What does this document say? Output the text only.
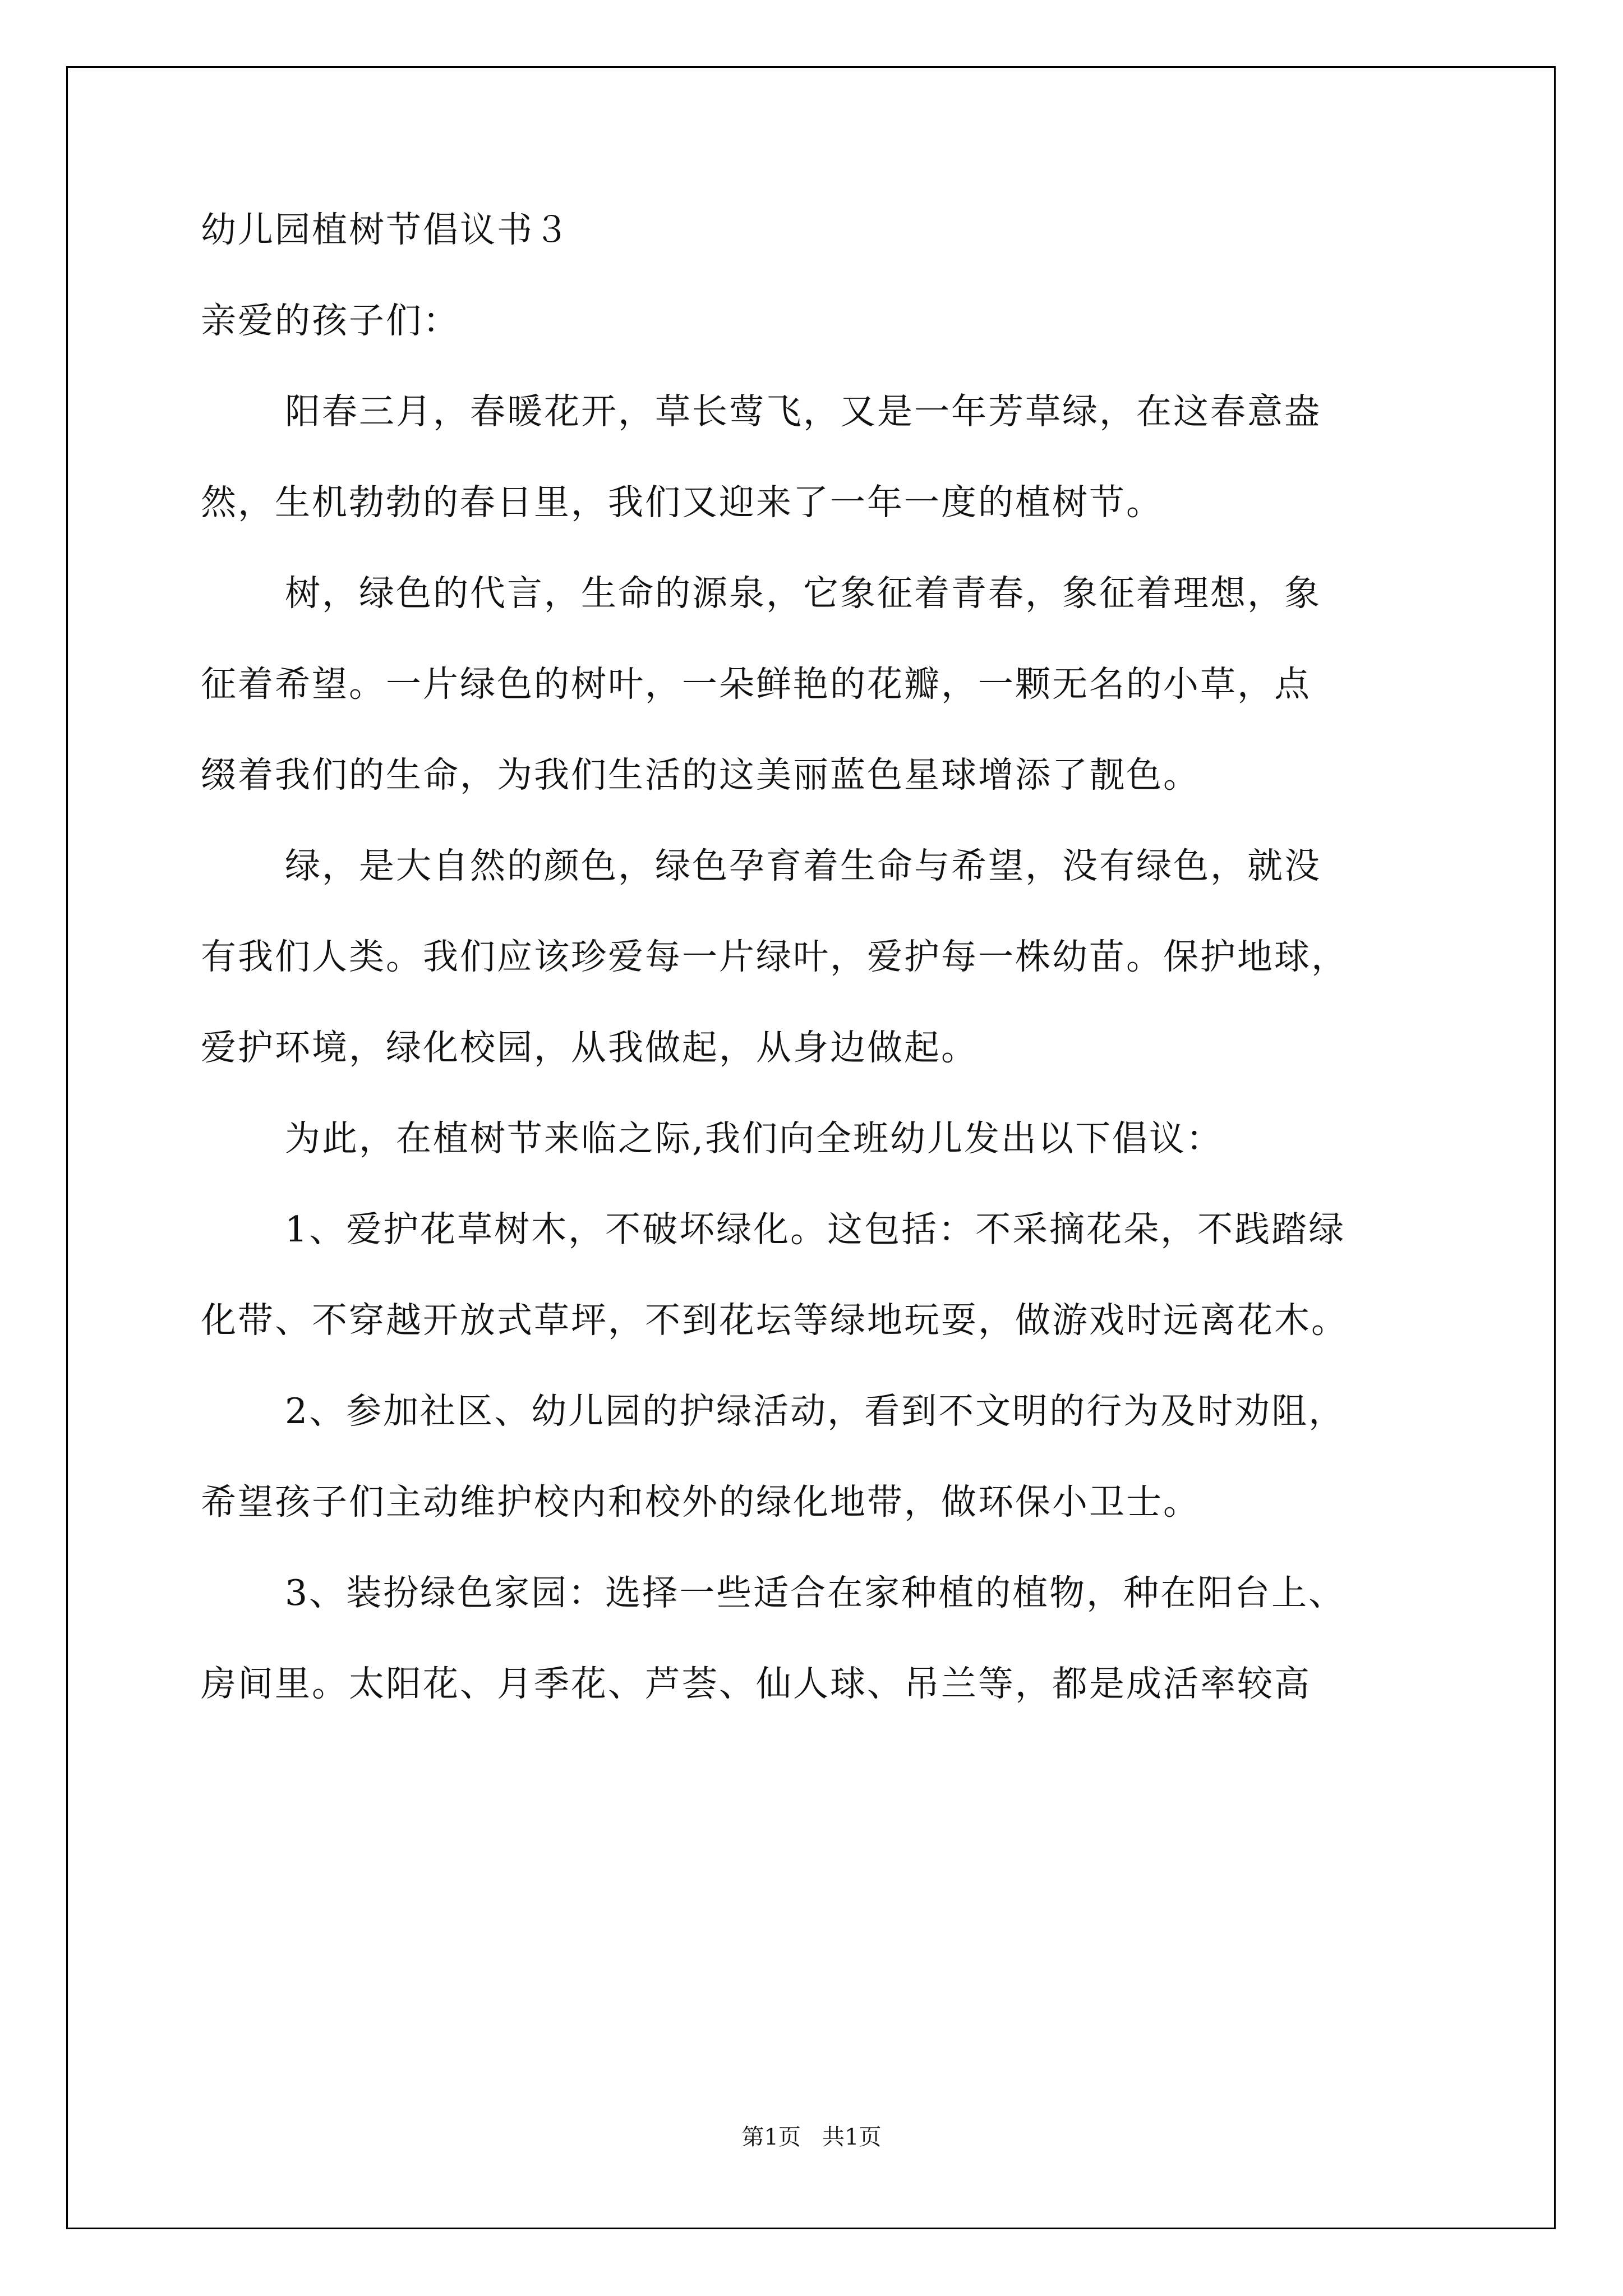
幼儿园植树节倡议书３

亲爱的孩子们：

阳春三月，春暖花开，草长莺飞，又是一年芳草绿，在这春意盎

然，生机勃勃的春日里，我们又迎来了一年一度的植树节。

树，绿色的代言，生命的源泉，它象征着青春，象征着理想，象

征着希望。一片绿色的树叶，一朵鲜艳的花瓣，一颗无名的小草，点

缀着我们的生命，为我们生活的这美丽蓝色星球增添了靓色。

绿，是大自然的颜色，绿色孕育着生命与希望，没有绿色，就没

有我们人类。我们应该珍爱每一片绿叶，爱护每一株幼苗。保护地球，

爱护环境，绿化校园，从我做起，从身边做起。

为此，在植树节来临之际,我们向全班幼儿发出以下倡议：

1、爱护花草树木，不破坏绿化。这包括：不采摘花朵，不践踏绿

化带、不穿越开放式草坪，不到花坛等绿地玩耍，做游戏时远离花木。

2、参加社区、幼儿园的护绿活动，看到不文明的行为及时劝阻，

希望孩子们主动维护校内和校外的绿化地带，做环保小卫士。

3、装扮绿色家园：选择一些适合在家种植的植物，种在阳台上、

房间里。太阳花、月季花、芦荟、仙人球、吊兰等，都是成活率较高

第1页   共1页
